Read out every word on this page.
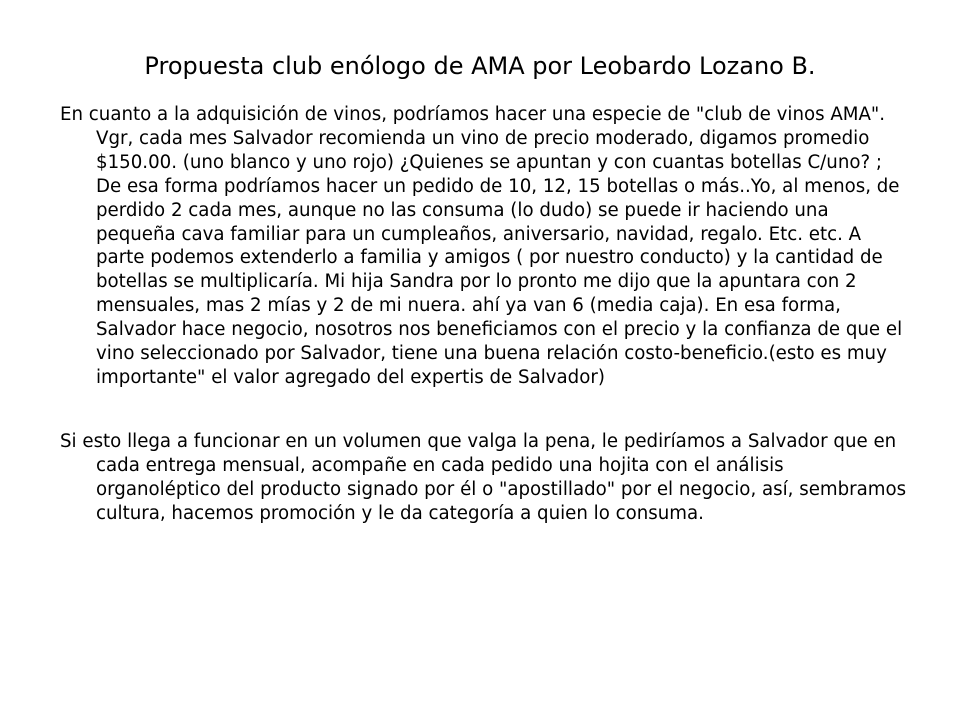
Propuesta club enólogo de AMA por Leobardo Lozano B.

En cuanto a la adquisición de vinos, podríamos hacer una especie de "club de vinos AMA". Vgr, cada mes Salvador recomienda un vino de precio moderado, digamos promedio $150.00. (uno blanco y uno rojo) ¿Quienes se apuntan y con cuantas botellas C/uno? ; De esa forma podríamos hacer un pedido de 10, 12, 15 botellas o más..Yo, al menos, de perdido 2 cada mes, aunque no las consuma (lo dudo) se puede ir haciendo una pequeña cava familiar para un cumpleaños, aniversario, navidad, regalo. Etc. etc. A parte podemos extenderlo a familia y amigos ( por nuestro conducto) y la cantidad de botellas se multiplicaría. Mi hija Sandra por lo pronto me dijo que la apuntara con 2 mensuales, mas 2 mías y 2 de mi nuera. ahí ya van 6 (media caja). En esa forma, Salvador hace negocio, nosotros nos beneficiamos con el precio y la confianza de que el vino seleccionado por Salvador, tiene una buena relación costo-beneficio.(esto es muy importante" el valor agregado del expertis de Salvador)

Si esto llega a funcionar en un volumen que valga la pena, le pediríamos a Salvador que en cada entrega mensual, acompañe en cada pedido una hojita con el análisis organoléptico del producto signado por él o "apostillado" por el negocio, así, sembramos cultura, hacemos promoción y le da categoría a quien lo consuma.
